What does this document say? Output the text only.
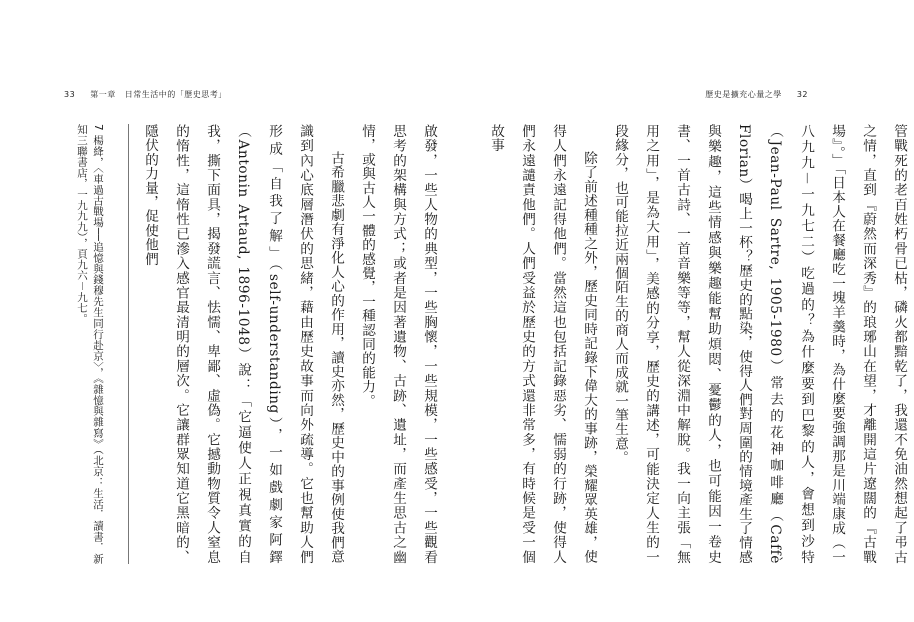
33 第一章 日常生活中的「歷史思考」	歷史是擴充心量之學 32

管戰死的老百姓朽骨已枯，磷火都黯乾了，我還不免油然想起了弔古之情，直到『蔚然而深秀』的琅琊山在望，才離開這片遼闊的『古戰場』。」「日本人在餐廳吃一塊羊羹時，為什麼要強調那是川端康成（一八九九－一九七二）吃過的？為什麼要到巴黎的人，會想到沙特（Jean-Paul Sartre, 1905-1980）常去的花神咖啡廳（Caffè Florian）喝上一杯？歷史的點染，使得人們對周圍的情境產生了情感與樂趣，這些情感與樂趣能幫助煩悶、憂鬱的人，也可能因一卷史書、一首古詩、一首音樂等等，幫人從深淵中解脫。我一向主張「無用之用」，是為大用」，美感的分享，歷史的講述，可能決定人生的一段緣分，也可能拉近兩個陌生的商人而成就一筆生意。

除了前述種種之外，歷史同時記錄下偉大的事跡，榮耀眾英雄，使得人們永遠記得他們。當然這也包括記錄惡劣、懦弱的行跡，使得人們永遠譴責他們。人們受益於歷史的方式還非常多，有時候是受一個故事

啟發，一些人物的典型，一些胸懷，一些規模，一些感受，一些觀看思考的架構與方式；或者是因著遺物、古跡、遺址，而產生思古之幽情，或與古人一體的感覺，一種認同的能力。

古希臘悲劇有淨化人心的作用，讀史亦然，歷史中的事例使我們意識到內心底層潛伏的思緒，藉由歷史故事而向外疏導。它也幫助人們形成「自我了解」（self-understanding），一如戲劇家阿鐸（Antonin Artaud, 1896-1048）說：「它逼使人正視真實的自我，撕下面具，揭發謊言、怯懦、卑鄙、虛偽。它撼動物質令人窒息的惰性，這惰性已滲入感官最清明的層次。它讓群眾知道它黑暗的、隱伏的力量，促使他們

7 楊絳，〈車過古戰場──追憶與錢穆先生同行赴京〉，《雜憶與雜寫》（北京：生活．讀書．新知三聯書店，一九九九），頁九六－九七。
